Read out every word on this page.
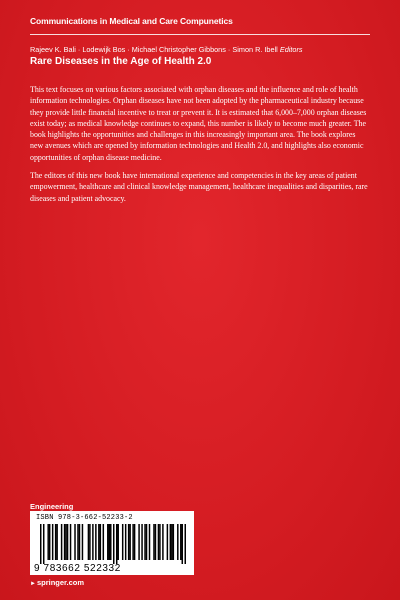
Communications in Medical and Care Compunetics
Rajeev K. Bali · Lodewijk Bos · Michael Christopher Gibbons · Simon R. Ibell Editors
Rare Diseases in the Age of Health 2.0

This text focuses on various factors associated with orphan diseases and the influence and role of health information technologies. Orphan diseases have not been adopted by the pharmaceutical industry because they provide little financial incentive to treat or prevent it. It is estimated that 6,000–7,000 orphan diseases exist today; as medical knowledge continues to expand, this number is likely to become much greater. The book highlights the opportunities and challenges in this increasingly important area. The book explores new avenues which are opened by information technologies and Health 2.0, and highlights also economic opportunities of orphan disease medicine.

The editors of this new book have international experience and competencies in the key areas of patient empowerment, healthcare and clinical knowledge management, healthcare inequalities and disparities, rare diseases and patient advocacy.

Engineering
ISBN 978-3-662-52233-2
9 783662 522332
►springer.com
